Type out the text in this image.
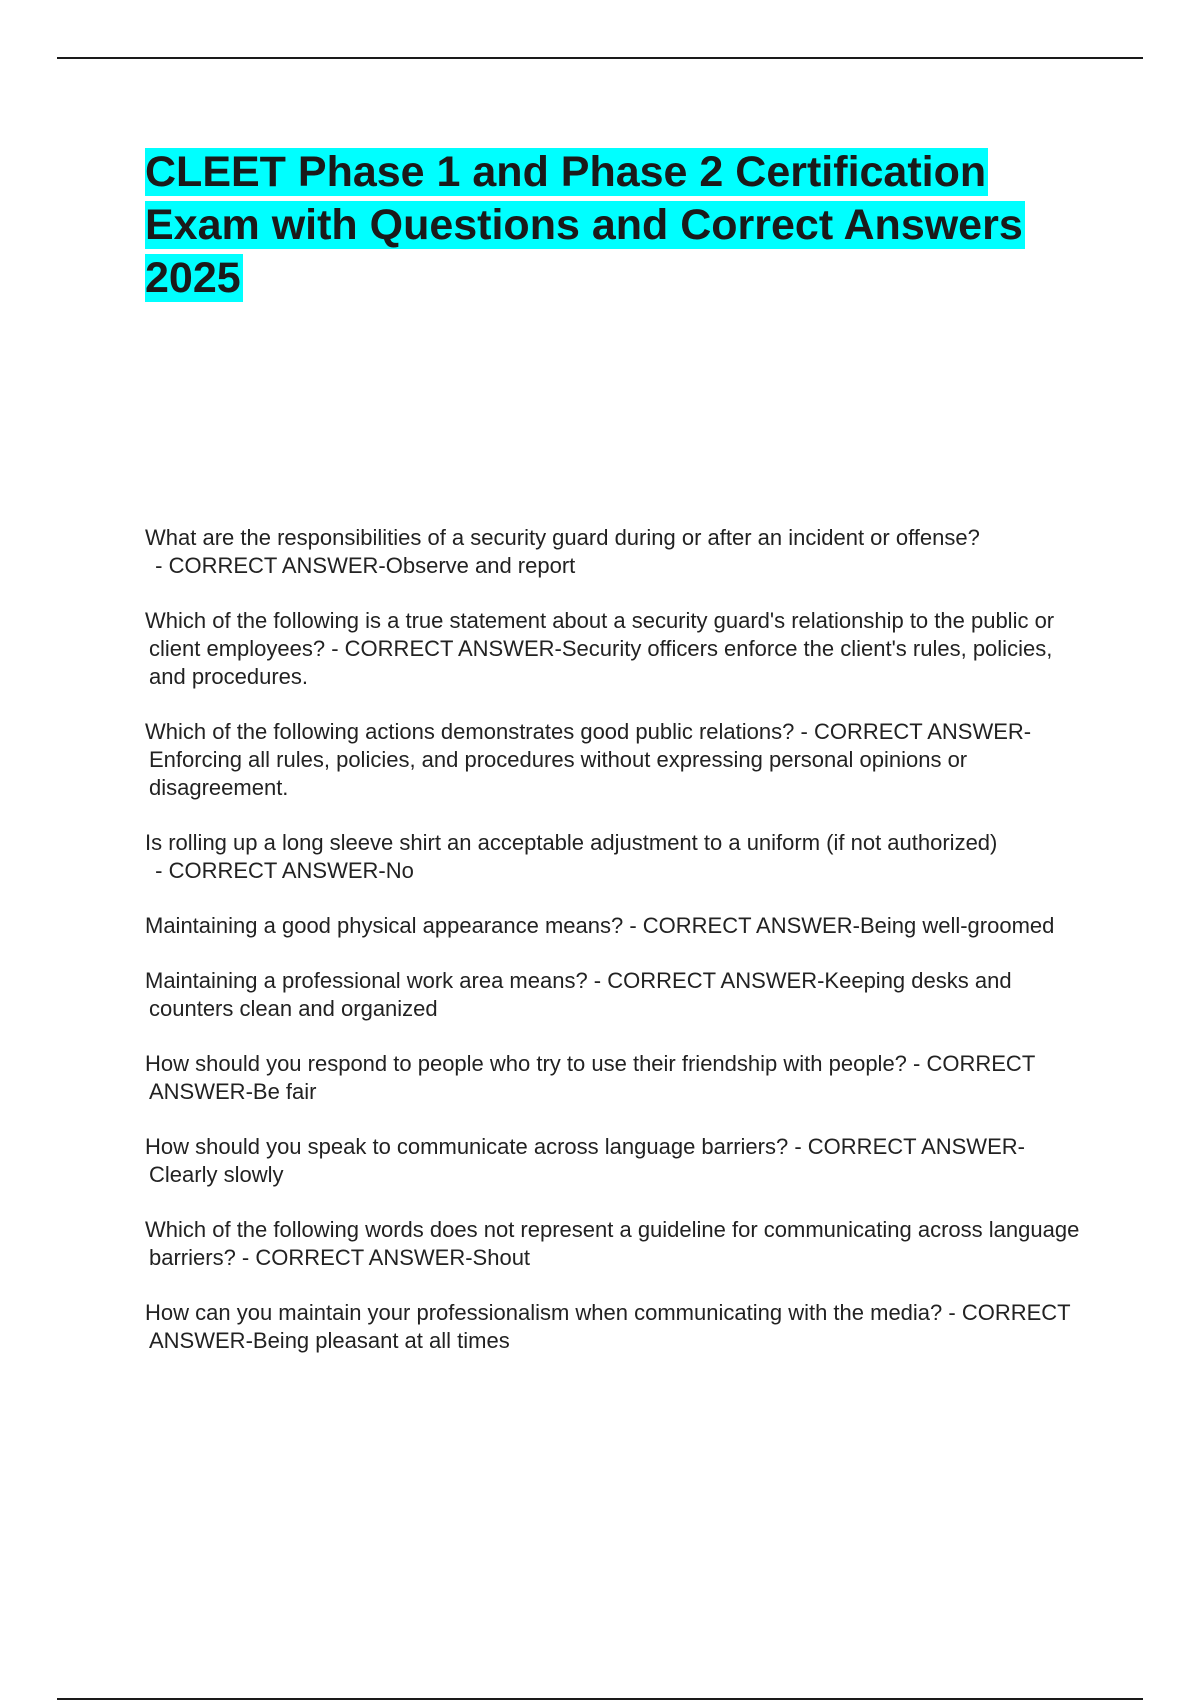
CLEET Phase 1 and Phase 2 Certification Exam with Questions and Correct Answers 2025
What are the responsibilities of a security guard during or after an incident or offense? - CORRECT ANSWER-Observe and report
Which of the following is a true statement about a security guard's relationship to the public or client employees? - CORRECT ANSWER-Security officers enforce the client's rules, policies, and procedures.
Which of the following actions demonstrates good public relations? - CORRECT ANSWER-Enforcing all rules, policies, and procedures without expressing personal opinions or disagreement.
Is rolling up a long sleeve shirt an acceptable adjustment to a uniform (if not authorized) - CORRECT ANSWER-No
Maintaining a good physical appearance means? - CORRECT ANSWER-Being well-groomed
Maintaining a professional work area means? - CORRECT ANSWER-Keeping desks and counters clean and organized
How should you respond to people who try to use their friendship with people? - CORRECT ANSWER-Be fair
How should you speak to communicate across language barriers? - CORRECT ANSWER-Clearly slowly
Which of the following words does not represent a guideline for communicating across language barriers? - CORRECT ANSWER-Shout
How can you maintain your professionalism when communicating with the media? - CORRECT ANSWER-Being pleasant at all times
